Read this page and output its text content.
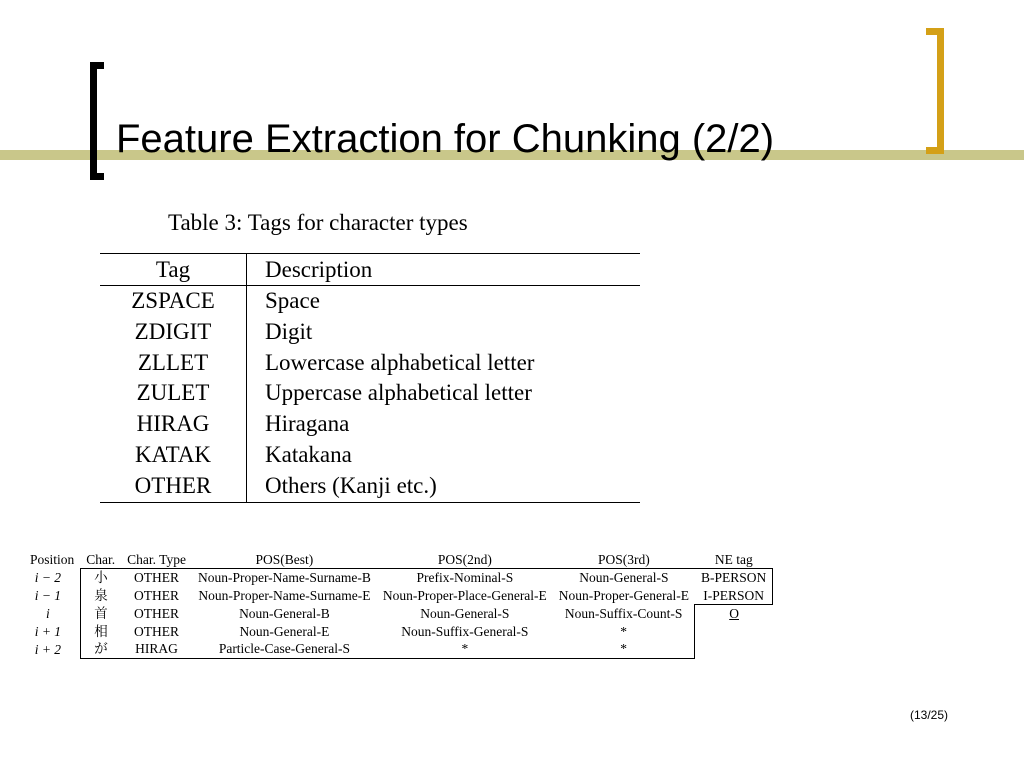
Feature Extraction for Chunking (2/2)
Table 3: Tags for character types
Tag	Description
ZSPACE	Space
ZDIGIT	Digit
ZLLET	Lowercase alphabetical letter
ZULET	Uppercase alphabetical letter
HIRAG	Hiragana
KATAK	Katakana
OTHER	Others (Kanji etc.)
Position	Char.	Char. Type	POS(Best)	POS(2nd)	POS(3rd)	NE tag
i − 2	小	OTHER	Noun-Proper-Name-Surname-B	Prefix-Nominal-S	Noun-General-S	B-PERSON
i − 1	泉	OTHER	Noun-Proper-Name-Surname-E	Noun-Proper-Place-General-E	Noun-Proper-General-E	I-PERSON
i	首	OTHER	Noun-General-B	Noun-General-S	Noun-Suffix-Count-S	O
i + 1	相	OTHER	Noun-General-E	Noun-Suffix-General-S	*	
i + 2	が	HIRAG	Particle-Case-General-S	*	*	
(13/25)
